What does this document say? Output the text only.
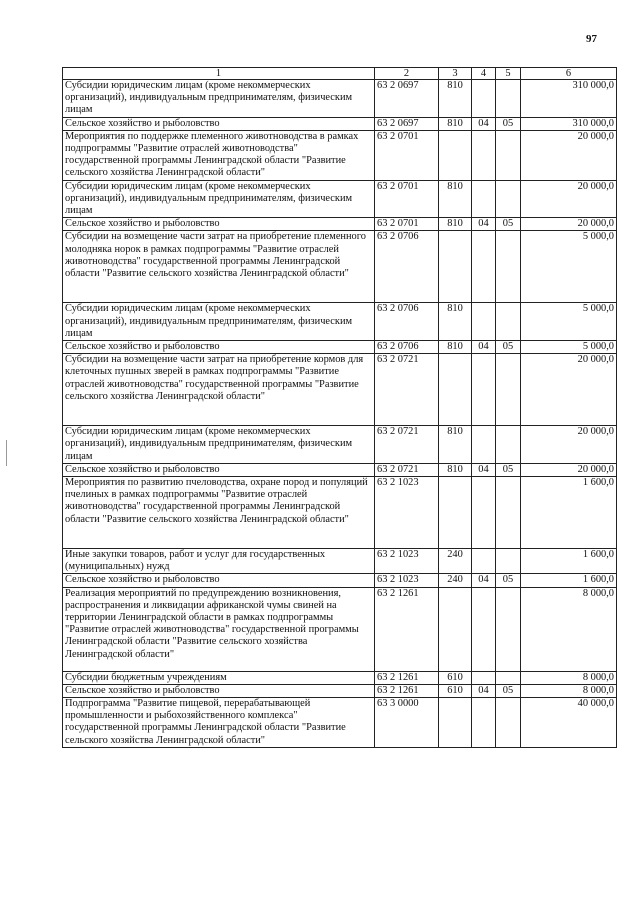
97
1	2	3	4	5	6
Субсидии юридическим лицам (кроме некоммерческих организаций), индивидуальным предпринимателям, физическим лицам	63 2 0697	810			310 000,0
Сельское хозяйство и рыболовство	63 2 0697	810	04	05	310 000,0
Мероприятия по поддержке племенного животноводства в рамках подпрограммы "Развитие отраслей животноводства" государственной программы Ленинградской области "Развитие сельского хозяйства Ленинградской области"	63 2 0701				20 000,0
Субсидии юридическим лицам (кроме некоммерческих организаций), индивидуальным предпринимателям, физическим лицам	63 2 0701	810			20 000,0
Сельское хозяйство и рыболовство	63 2 0701	810	04	05	20 000,0
Субсидии на возмещение части затрат на приобретение племенного молодняка норок в рамках подпрограммы "Развитие отраслей животноводства" государственной программы Ленинградской области "Развитие сельского хозяйства Ленинградской области"	63 2 0706				5 000,0
Субсидии юридическим лицам (кроме некоммерческих организаций), индивидуальным предпринимателям, физическим лицам	63 2 0706	810			5 000,0
Сельское хозяйство и рыболовство	63 2 0706	810	04	05	5 000,0
Субсидии на возмещение части затрат на приобретение кормов для клеточных пушных зверей в рамках подпрограммы "Развитие отраслей животноводства" государственной программы "Развитие сельского хозяйства Ленинградской области"	63 2 0721				20 000,0
Субсидии юридическим лицам (кроме некоммерческих организаций), индивидуальным предпринимателям, физическим лицам	63 2 0721	810			20 000,0
Сельское хозяйство и рыболовство	63 2 0721	810	04	05	20 000,0
Мероприятия по развитию пчеловодства, охране пород и популяций пчелиных в рамках подпрограммы "Развитие отраслей животноводства" государственной программы Ленинградской области "Развитие сельского хозяйства Ленинградской области"	63 2 1023				1 600,0
Иные закупки товаров, работ и услуг для государственных (муниципальных) нужд	63 2 1023	240			1 600,0
Сельское хозяйство и рыболовство	63 2 1023	240	04	05	1 600,0
Реализация мероприятий по предупреждению возникновения, распространения и ликвидации африканской чумы свиней на территории Ленинградской области в рамках подпрограммы "Развитие отраслей животноводства" государственной программы Ленинградской области "Развитие сельского хозяйства Ленинградской области"	63 2 1261				8 000,0
Субсидии бюджетным учреждениям	63 2 1261	610			8 000,0
Сельское хозяйство и рыболовство	63 2 1261	610	04	05	8 000,0
Подпрограмма "Развитие пищевой, перерабатывающей промышленности и рыбохозяйственного комплекса" государственной программы Ленинградской области "Развитие сельского хозяйства Ленинградской области"	63 3 0000				40 000,0
